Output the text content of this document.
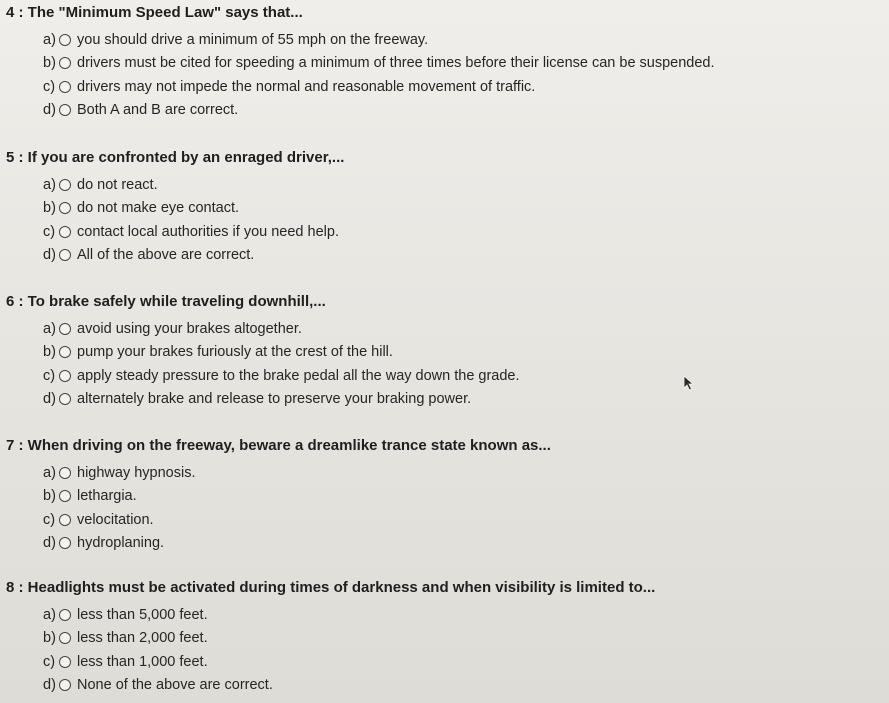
4 : The "Minimum Speed Law" says that...
a) you should drive a minimum of 55 mph on the freeway.
b) drivers must be cited for speeding a minimum of three times before their license can be suspended.
c) drivers may not impede the normal and reasonable movement of traffic.
d) Both A and B are correct.
5 : If you are confronted by an enraged driver,...
a) do not react.
b) do not make eye contact.
c) contact local authorities if you need help.
d) All of the above are correct.
6 : To brake safely while traveling downhill,...
a) avoid using your brakes altogether.
b) pump your brakes furiously at the crest of the hill.
c) apply steady pressure to the brake pedal all the way down the grade.
d) alternately brake and release to preserve your braking power.
7 : When driving on the freeway, beware a dreamlike trance state known as...
a) highway hypnosis.
b) lethargia.
c) velocitation.
d) hydroplaning.
8 : Headlights must be activated during times of darkness and when visibility is limited to...
a) less than 5,000 feet.
b) less than 2,000 feet.
c) less than 1,000 feet.
d) None of the above are correct.
